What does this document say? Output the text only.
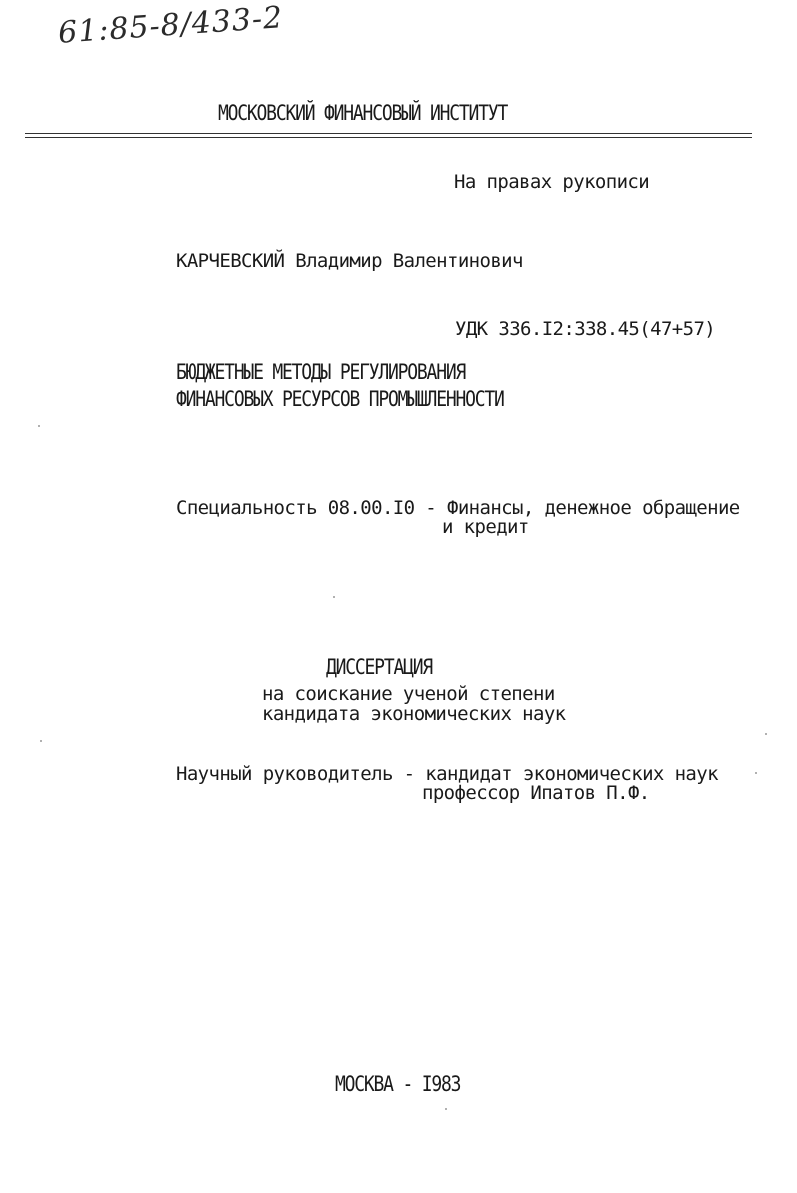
61:85-8/433-2
МОСКОВСКИЙ ФИНАНСОВЫЙ ИНСТИТУТ
На правах рукописи
КАРЧЕВСКИЙ Владимир Валентинович
УДК 336.I2:338.45(47+57)
БЮДЖЕТНЫЕ МЕТОДЫ РЕГУЛИРОВАНИЯ
ФИНАНСОВЫХ РЕСУРСОВ ПРОМЫШЛЕННОСТИ
Специальность 08.00.I0 - Финансы, денежное обращение
и кредит
ДИССЕРТАЦИЯ
на соискание ученой степени
кандидата экономических наук
Научный руководитель - кандидат экономических наук
профессор Ипатов П.Ф.
МОСКВА - I983
